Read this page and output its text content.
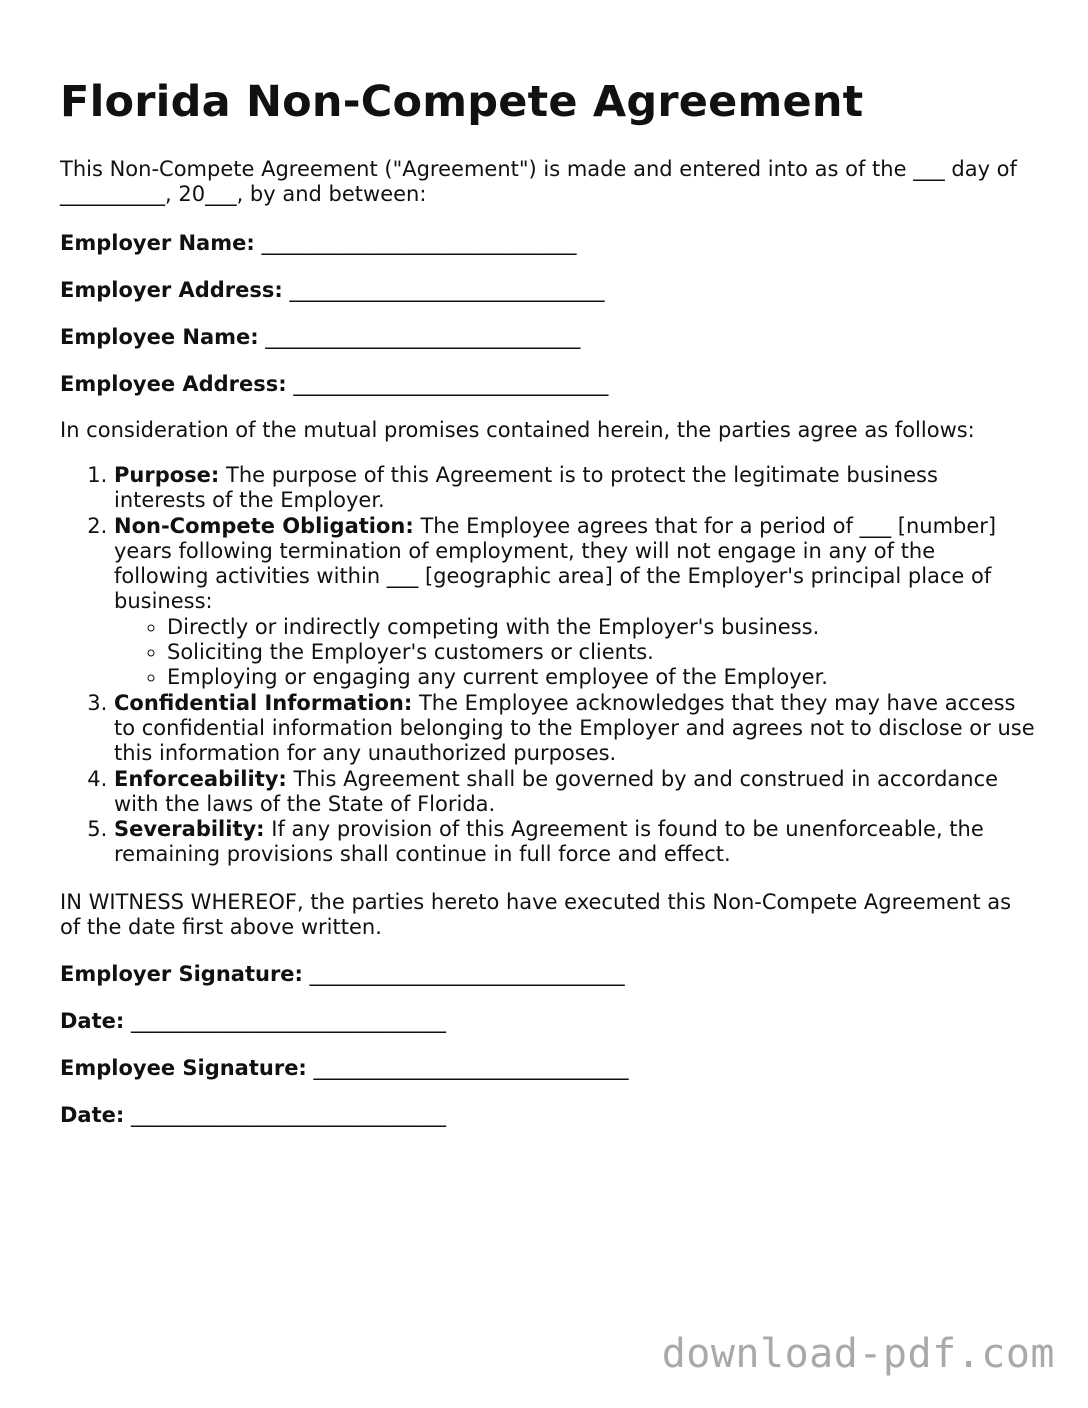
Florida Non-Compete Agreement

This Non-Compete Agreement ("Agreement") is made and entered into as of the ___ day of __________, 20___, by and between:

Employer Name: ______________________________

Employer Address: ______________________________

Employee Name: ______________________________

Employee Address: ______________________________

In consideration of the mutual promises contained herein, the parties agree as follows:

1. Purpose: The purpose of this Agreement is to protect the legitimate business interests of the Employer.
2. Non-Compete Obligation: The Employee agrees that for a period of ___ [number] years following termination of employment, they will not engage in any of the following activities within ___ [geographic area] of the Employer's principal place of business:
◦ Directly or indirectly competing with the Employer's business.
◦ Soliciting the Employer's customers or clients.
◦ Employing or engaging any current employee of the Employer.
3. Confidential Information: The Employee acknowledges that they may have access to confidential information belonging to the Employer and agrees not to disclose or use this information for any unauthorized purposes.
4. Enforceability: This Agreement shall be governed by and construed in accordance with the laws of the State of Florida.
5. Severability: If any provision of this Agreement is found to be unenforceable, the remaining provisions shall continue in full force and effect.

IN WITNESS WHEREOF, the parties hereto have executed this Non-Compete Agreement as of the date first above written.

Employer Signature: ______________________________

Date: ______________________________

Employee Signature: ______________________________

Date: ______________________________

download-pdf.com
